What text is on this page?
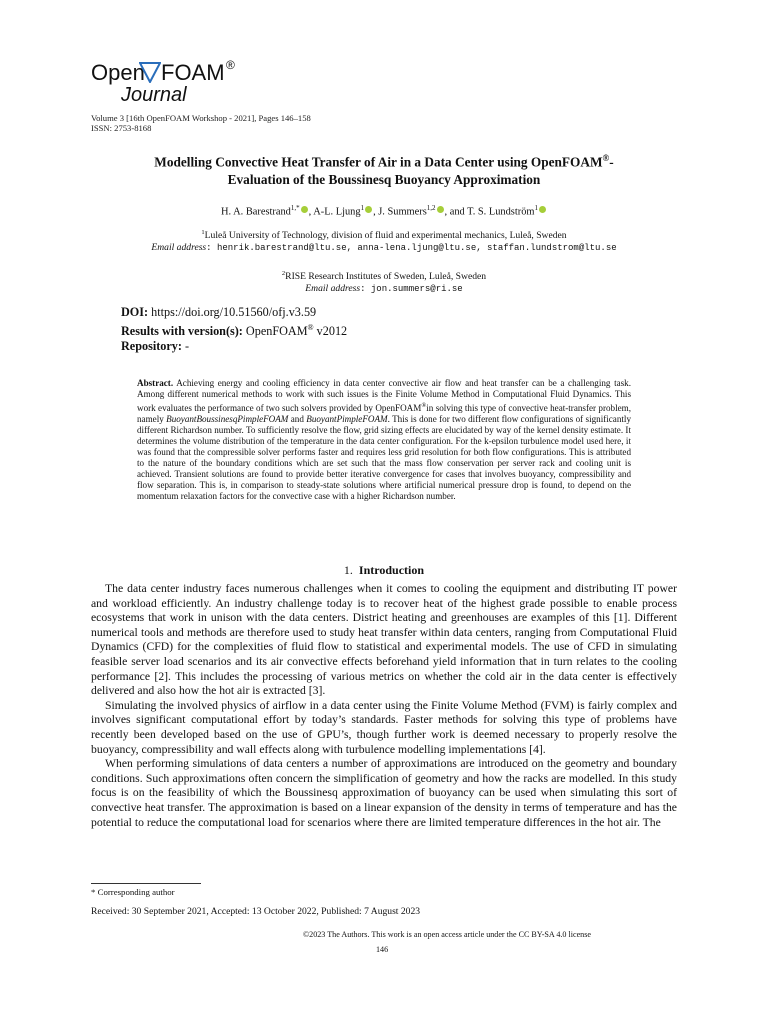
Open FOAM ®
Journal
Volume 3 [16th OpenFOAM Workshop - 2021], Pages 146–158
ISSN: 2753-8168
Modelling Convective Heat Transfer of Air in a Data Center using OpenFOAM®-
Evaluation of the Boussinesq Buoyancy Approximation
H. A. Barestrand$^{1,*}$ , A-L. Ljung$^1$ , J. Summers$^{1,2}$ , and T. S. Lundström$^1$
$^1$Luleå University of Technology, division of fluid and experimental mechanics, Luleå, Sweden
Email address: henrik.barestrand@ltu.se, anna-lena.ljung@ltu.se, staffan.lundstrom@ltu.se
$^2$RISE Research Institutes of Sweden, Luleå, Sweden
Email address: jon.summers@ri.se
DOI: https://doi.org/10.51560/ofj.v3.59
Results with version(s): OpenFOAM® v2012
Repository: -
Abstract. Achieving energy and cooling efficiency in data center convective air flow and heat transfer can be a challenging task. Among different numerical methods to work with such issues is the Finite Volume Method in Computational Fluid Dynamics. This work evaluates the performance of two such solvers provided by OpenFOAM®in solving this type of convective heat-transfer problem, namely BuoyantBoussinesqPimpleFOAM and BuoyantPimpleFOAM. This is done for two different flow configurations of significantly different Richardson number. To sufficiently resolve the flow, grid sizing effects are elucidated by way of the kernel density estimate. It determines the volume distribution of the temperature in the data center configuration. For the k-epsilon turbulence model used here, it was found that the compressible solver performs faster and requires less grid resolution for both flow configurations. This is attributed to the nature of the boundary conditions which are set such that the mass flow conservation per server rack and cooling unit is achieved. Transient solutions are found to provide better iterative convergence for cases that involves buoyancy, compressibility and flow separation. This is, in comparison to steady-state solutions where artificial numerical pressure drop is found, to depend on the momentum relaxation factors for the convective case with a higher Richardson number.
1. Introduction

The data center industry faces numerous challenges when it comes to cooling the equipment and distributing IT power and workload efficiently. An industry challenge today is to recover heat of the highest grade possible to enable process ecosystems that work in unison with the data centers. District heating and greenhouses are examples of this [1]. Different numerical tools and methods are therefore used to study heat transfer within data centers, ranging from Computational Fluid Dynamics (CFD) for the complexities of fluid flow to statistical and experimental models. The use of CFD in simulating feasible server load scenarios and its air convective effects beforehand yield information that in turn relates to the cooling performance [2]. This includes the processing of various metrics on whether the cold air in the data center is effectively delivered and also how the hot air is extracted [3].

Simulating the involved physics of airflow in a data center using the Finite Volume Method (FVM) is fairly complex and involves significant computational effort by today’s standards. Faster methods for solving this type of problems have recently been developed based on the use of GPU’s, though further work is deemed necessary to properly resolve the buoyancy, compressibility and wall effects along with turbulence modelling implementations [4].

When performing simulations of data centers a number of approximations are introduced on the geometry and boundary conditions. Such approximations often concern the simplification of geometry and how the racks are modelled. In this study focus is on the feasibility of which the Boussinesq approximation of buoyancy can be used when simulating this sort of convective heat transfer. The approximation is based on a linear expansion of the density in terms of temperature and has the potential to reduce the computational load for scenarios where there are limited temperature differences in the hot air. The

* Corresponding author
Received: 30 September 2021, Accepted: 13 October 2022, Published: 7 August 2023
©2023 The Authors. This work is an open access article under the CC BY-SA 4.0 license
146
